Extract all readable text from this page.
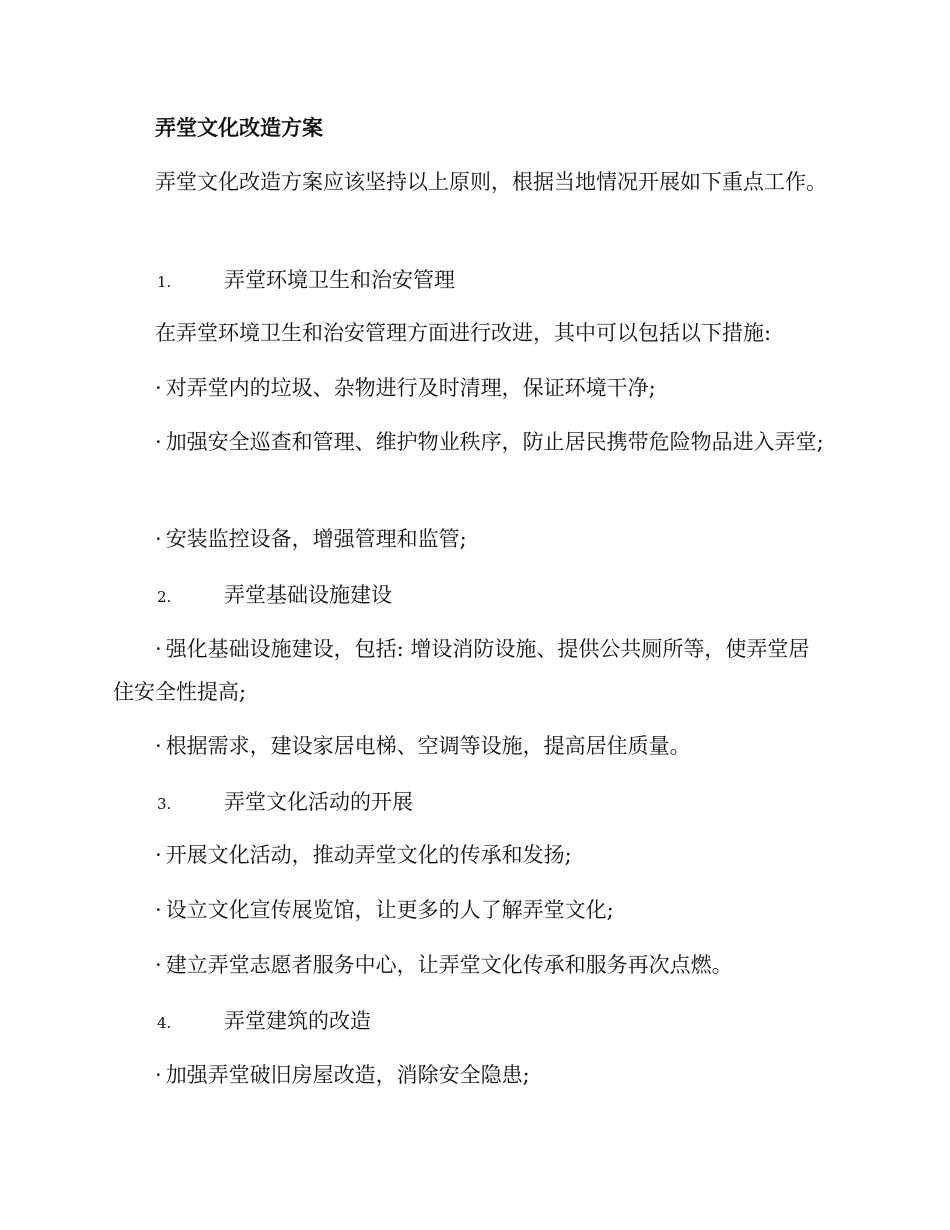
弄堂文化改造方案

弄堂文化改造方案应该坚持以上原则，根据当地情况开展如下重点工作。

1.	弄堂环境卫生和治安管理

在弄堂环境卫生和治安管理方面进行改进，其中可以包括以下措施:

· 对弄堂内的垃圾、杂物进行及时清理，保证环境干净;

· 加强安全巡查和管理、维护物业秩序，防止居民携带危险物品进入弄堂;

· 安装监控设备，增强管理和监管;

2.	弄堂基础设施建设

· 强化基础设施建设，包括: 增设消防设施、提供公共厕所等，使弄堂居住安全性提高;

· 根据需求，建设家居电梯、空调等设施，提高居住质量。

3.	弄堂文化活动的开展

· 开展文化活动，推动弄堂文化的传承和发扬;

· 设立文化宣传展览馆，让更多的人了解弄堂文化;

· 建立弄堂志愿者服务中心，让弄堂文化传承和服务再次点燃。

4.	弄堂建筑的改造

· 加强弄堂破旧房屋改造，消除安全隐患;
